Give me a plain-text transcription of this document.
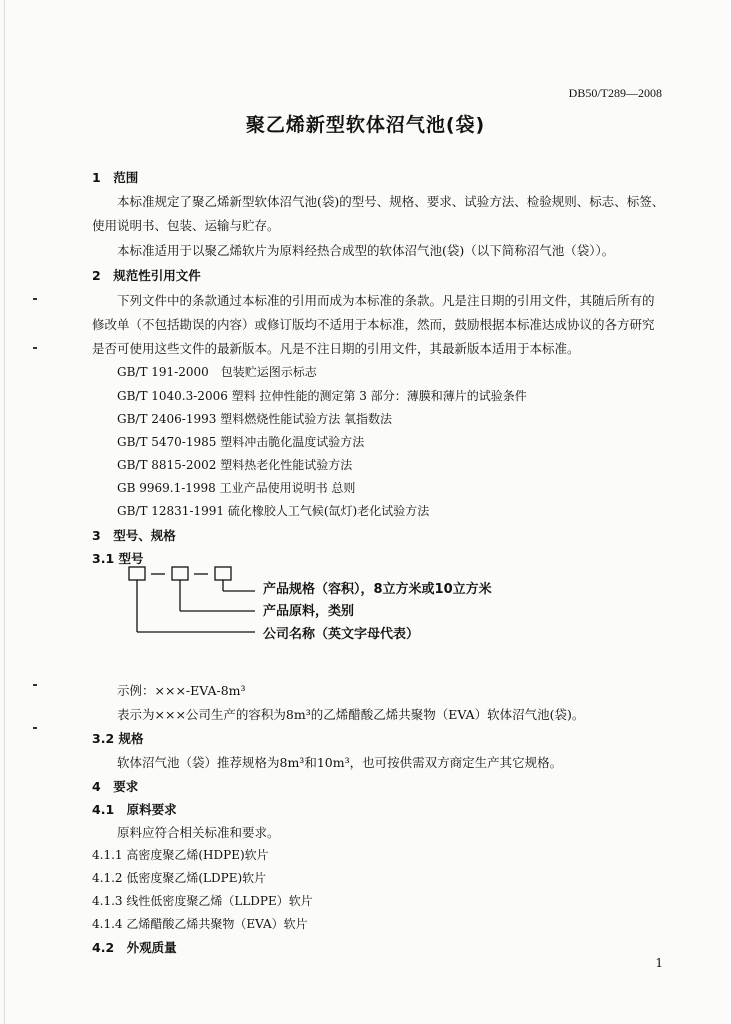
DB50/T289—2008
聚乙烯新型软体沼气池(袋)
1　范围
本标准规定了聚乙烯新型软体沼气池(袋)的型号、规格、要求、试验方法、检验规则、标志、标签、
使用说明书、包装、运输与贮存。
本标准适用于以聚乙烯软片为原料经热合成型的软体沼气池(袋)（以下简称沼气池（袋））。
2　规范性引用文件
下列文件中的条款通过本标准的引用而成为本标准的条款。凡是注日期的引用文件，其随后所有的
修改单（不包括勘误的内容）或修订版均不适用于本标准，然而，鼓励根据本标准达成协议的各方研究
是否可使用这些文件的最新版本。凡是不注日期的引用文件，其最新版本适用于本标准。
GB/T 191-2000　包装贮运图示标志
GB/T 1040.3-2006 塑料 拉伸性能的测定第 3 部分：薄膜和薄片的试验条件
GB/T 2406-1993 塑料燃烧性能试验方法 氧指数法
GB/T 5470-1985 塑料冲击脆化温度试验方法
GB/T 8815-2002 塑料热老化性能试验方法
GB 9969.1-1998 工业产品使用说明书 总则
GB/T 12831-1991 硫化橡胶人工气候(氙灯)老化试验方法
3　型号、规格
3.1 型号
产品规格（容积），8立方米或10立方米
产品原料，类别
公司名称（英文字母代表）
示例：×××-EVA-8m³
表示为×××公司生产的容积为8m³的乙烯醋酸乙烯共聚物（EVA）软体沼气池(袋)。
3.2 规格
软体沼气池（袋）推荐规格为8m³和10m³，也可按供需双方商定生产其它规格。
4　要求
4.1　原料要求
原料应符合相关标准和要求。
4.1.1 高密度聚乙烯(HDPE)软片
4.1.2 低密度聚乙烯(LDPE)软片
4.1.3 线性低密度聚乙烯（LLDPE）软片
4.1.4 乙烯醋酸乙烯共聚物（EVA）软片
4.2　外观质量
1
